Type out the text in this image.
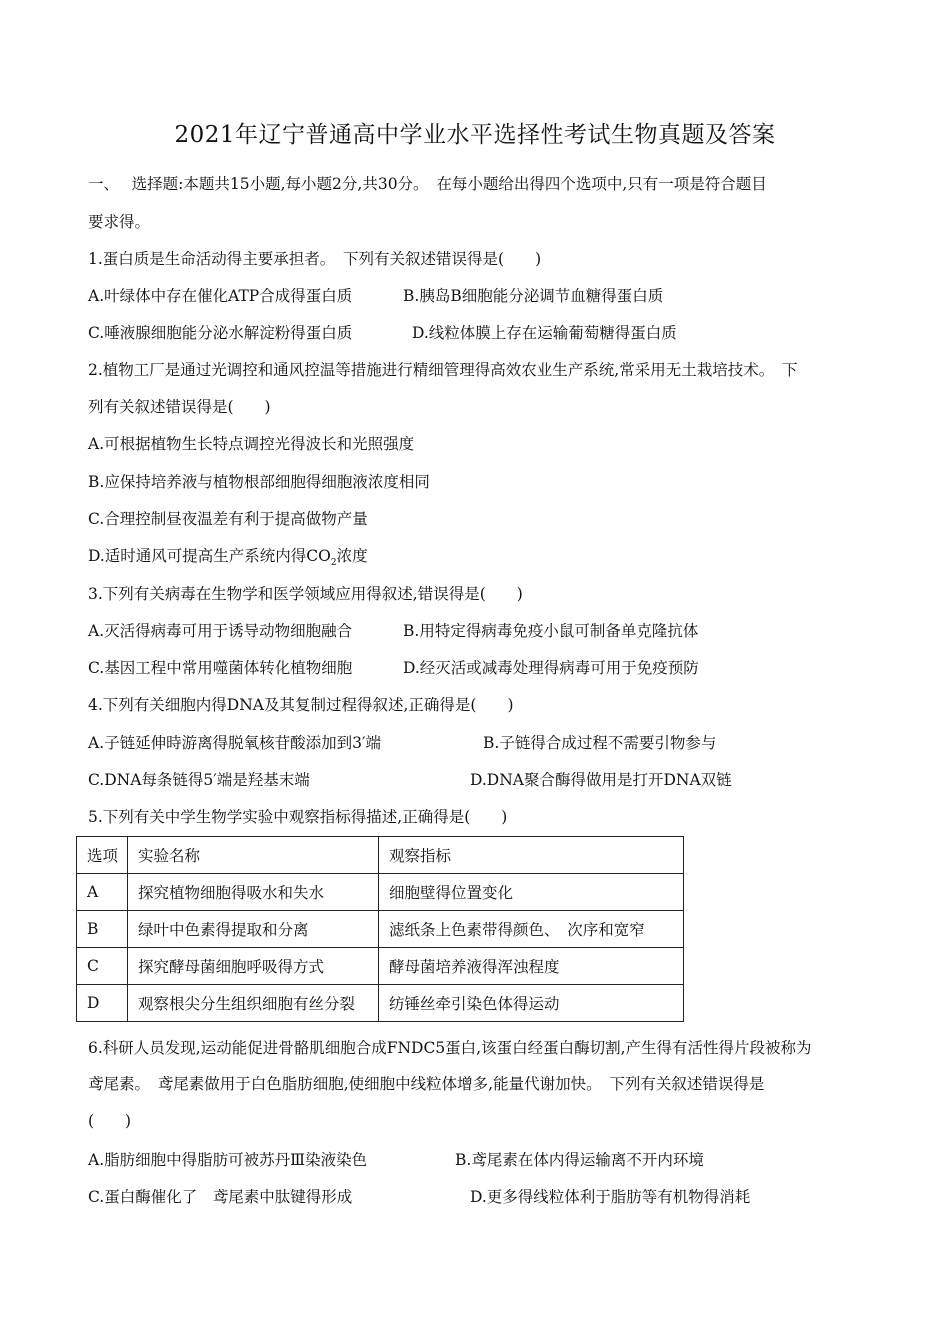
2021年辽宁普通高中学业水平选择性考试生物真题及答案
一、　 选择题:本题共15小题,每小题2分,共30分。　在每小题给出得四个选项中,只有一项是符合题目
要求得。
1.蛋白质是生命活动得主要承担者。　下列有关叙述错误得是(　　)
A.叶绿体中存在催化ATP合成得蛋白质	B.胰岛B细胞能分泌调节血糖得蛋白质
C.唾液腺细胞能分泌水解淀粉得蛋白质	D.线粒体膜上存在运输葡萄糖得蛋白质
2.植物工厂是通过光调控和通风控温等措施进行精细管理得高效农业生产系统,常采用无土栽培技术。　下
列有关叙述错误得是(　　)
A.可根据植物生长特点调控光得波长和光照强度
B.应保持培养液与植物根部细胞得细胞液浓度相同
C.合理控制昼夜温差有利于提高做物产量
D.适时通风可提高生产系统内得$CO_2$浓度
3.下列有关病毒在生物学和医学领域应用得叙述,错误得是(　　)
A.灭活得病毒可用于诱导动物细胞融合	B.用特定得病毒免疫小鼠可制备单克隆抗体
C.基因工程中常用噬菌体转化植物细胞	D.经灭活或减毒处理得病毒可用于免疫预防
4.下列有关细胞内得DNA及其复制过程得叙述,正确得是(　　)
A.子链延伸時游离得脱氧核苷酸添加到3′端	B.子链得合成过程不需要引物参与
C.DNA每条链得5′端是羟基末端	D.DNA聚合酶得做用是打开DNA双链
5.下列有关中学生物学实验中观察指标得描述,正确得是(　　)
选项	实验名称	观察指标
A	探究植物细胞得吸水和失水	细胞壁得位置变化
B	绿叶中色素得提取和分离	滤纸条上色素带得颜色、　次序和宽窄
C	探究酵母菌细胞呼吸得方式	酵母菌培养液得浑浊程度
D	观察根尖分生组织细胞有丝分裂	纺锤丝牵引染色体得运动
6.科研人员发现,运动能促进骨骼肌细胞合成FNDC5蛋白,该蛋白经蛋白酶切割,产生得有活性得片段被称为
鸢尾素。　鸢尾素做用于白色脂肪细胞,使细胞中线粒体增多,能量代谢加快。　下列有关叙述错误得是
(　　)
A.脂肪细胞中得脂肪可被苏丹Ⅲ染液染色	B.鸢尾素在体内得运输离不开内环境
C.蛋白酶催化了　鸢尾素中肽键得形成	D.更多得线粒体利于脂肪等有机物得消耗
